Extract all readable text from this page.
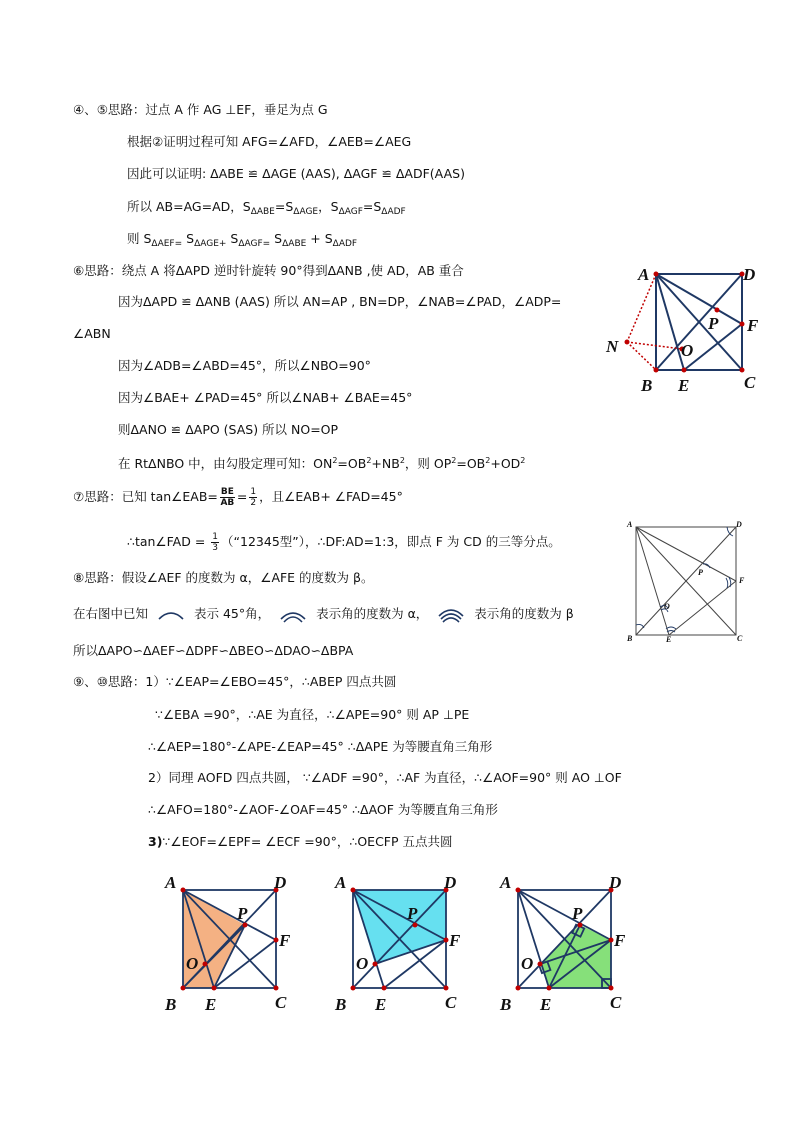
④、⑤思路：过点 A 作 AG ⊥EF，垂足为点 G
根据②证明过程可知 AFG=∠AFD，∠AEB=∠AEG
因此可以证明: ΔABE ≌ ΔAGE (AAS), ΔAGF ≌ ΔADF(AAS)
所以 AB=AG=AD，$S_{\Delta ABE}=S_{\Delta AGE}$，$S_{\Delta AGF}=S_{\Delta ADF}$
则 $S_{\Delta AEF=}$ $S_{\Delta AGE+}$ $S_{\Delta AGF=}$ $S_{\Delta ABE} + S_{\Delta ADF}$
⑥思路：绕点 A 将ΔAPD 逆时针旋转 90°得到ΔANB ,使 AD，AB 重合
因为ΔAPD ≌ ΔANB (AAS) 所以 AN=AP , BN=DP，∠NAB=∠PAD，∠ADP=
∠ABN
因为∠ADB=∠ABD=45°，所以∠NBO=90°
因为∠BAE+ ∠PAD=45° 所以∠NAB+ ∠BAE=45°
则ΔANO ≌ ΔAPO (SAS) 所以 NO=OP
在 RtΔNBO 中，由勾股定理可知：$ON^2=OB^2+NB^2$，则 $OP^2=OB^2+OD^2$
⑦思路：已知 tan∠EAB= $\frac{BE}{AB} = \frac{1}{2}$ ，且∠EAB+ ∠FAD=45°
∴tan∠FAD = $\frac{1}{3}$ （“12345型”），∴DF:AD=1:3，即点 F 为 CD 的三等分点。
⑧思路：假设∠AEF 的度数为 α，∠AFE 的度数为 β。
在右图中已知	表示 45°角，	表示角的度数为 α，	表示角的度数为 β
所以ΔAPO∽ΔAEF∽ΔDPF∽ΔBEO∽ΔDAO∽ΔBPA
⑨、⑩思路：1）∵∠EAP=∠EBO=45°，∴ABEP 四点共圆
∵∠EBA =90°，∴AE 为直径，∴∠APE=90° 则 AP ⊥PE
∴∠AEP=180°-∠APE-∠EAP=45° ∴ΔAPE 为等腰直角三角形
2）同理 AOFD 四点共圆， ∵∠ADF =90°，∴AF 为直径，∴∠AOF=90° 则 AO ⊥OF
∴∠AFO=180°-∠AOF-∠OAF=45° ∴ΔAOF 为等腰直角三角形
3)∵∠EOF=∠EPF= ∠ECF =90°，∴OECFP 五点共圆
A	D
B	C
E
F
P
O
N
A	D
B	C
E
F
P
O
A	D
B	C
E
F
P
O
A	D
B	C
E
F
P
O
A	D
B	C
E
F
P
O
